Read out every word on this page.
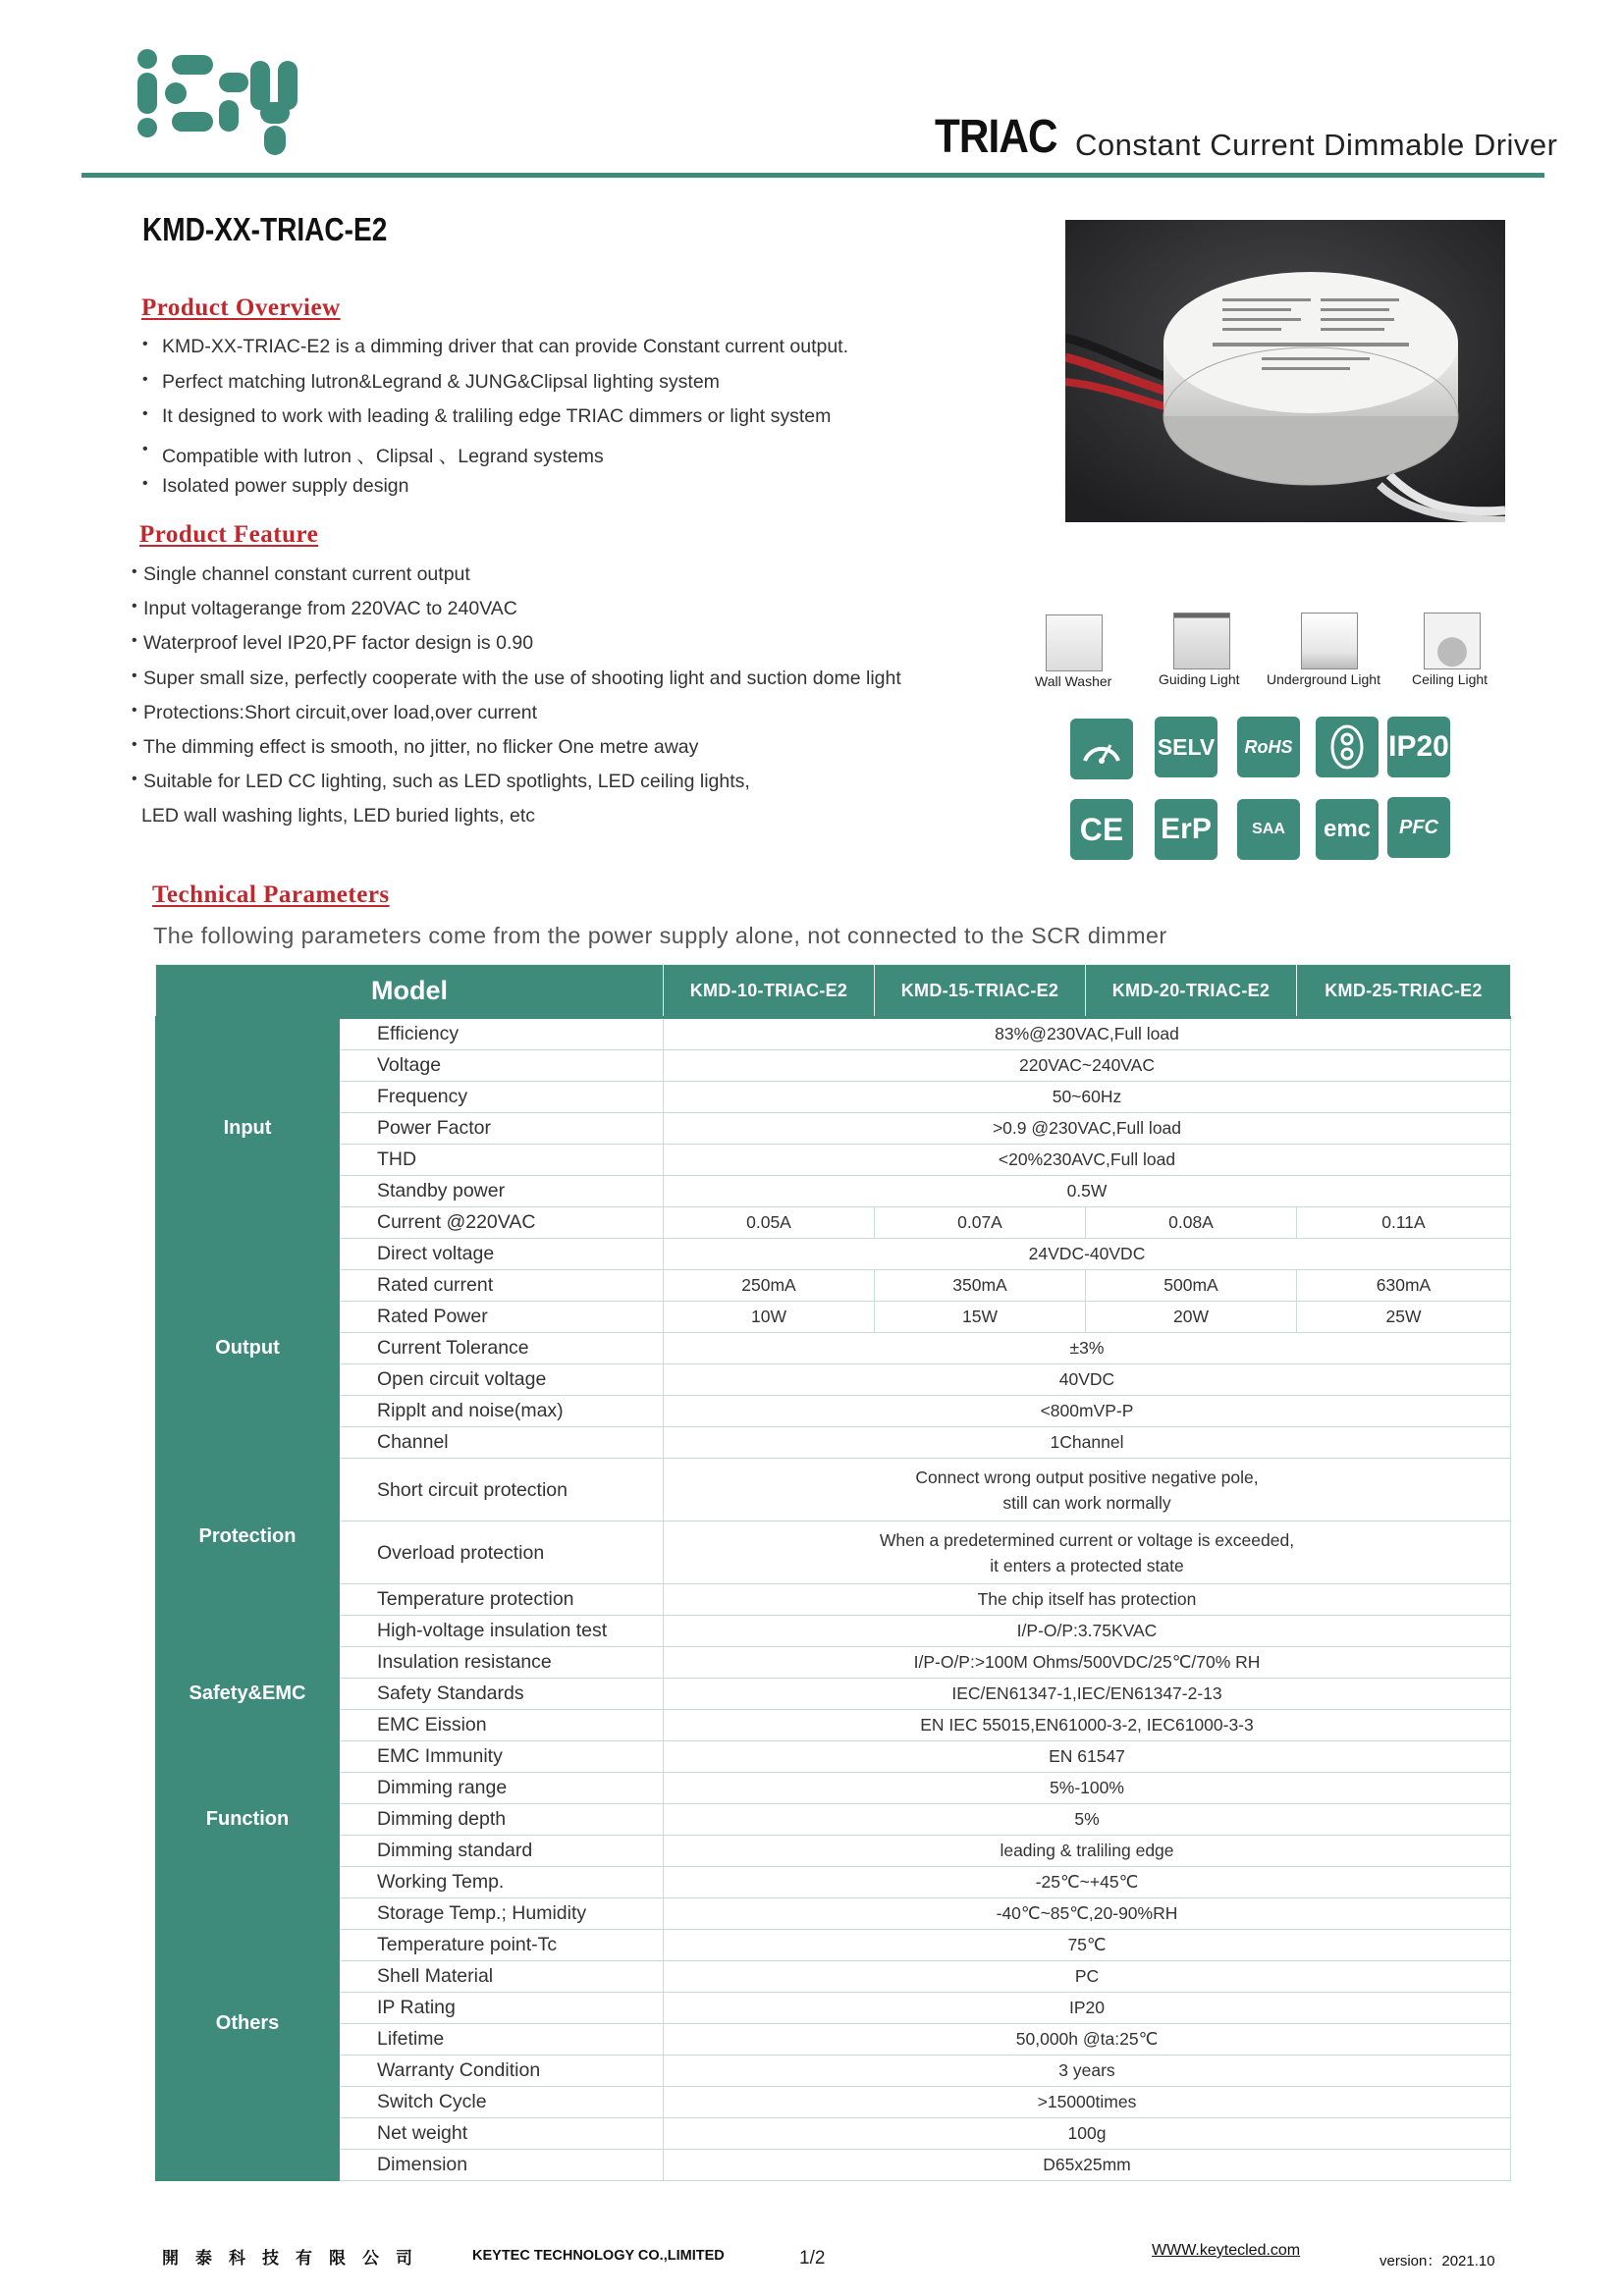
TRIAC Constant Current Dimmable Driver
KMD-XX-TRIAC-E2
Product Overview
• KMD-XX-TRIAC-E2 is a dimming driver that can provide Constant current output.
• Perfect matching lutron&Legrand & JUNG&Clipsal lighting system
• It designed to work with leading & traliling edge TRIAC dimmers or light system
• Compatible with lutron 、Clipsal 、Legrand systems
• Isolated power supply design
Product Feature
• Single channel constant current output
• Input voltagerange from 220VAC to 240VAC
• Waterproof level IP20,PF factor design is 0.90
• Super small size, perfectly cooperate with the use of shooting light and suction dome light
• Protections:Short circuit,over load,over current
• The dimming effect is smooth, no jitter, no flicker One metre away
• Suitable for LED CC lighting, such as LED spotlights, LED ceiling lights,
LED wall washing lights, LED buried lights, etc
Wall Washer	Guiding Light Underground Light Ceiling Light
SELV	RoHS	IP20
CE	ErP	SAA	emc	PFC
Technical Parameters
The following parameters come from the power supply alone, not connected to the SCR dimmer
Model		KMD-10-TRIAC-E2	KMD-15-TRIAC-E2	KMD-20-TRIAC-E2	KMD-25-TRIAC-E2
Input	Efficiency	83%@230VAC,Full load			
	Voltage	220VAC~240VAC			
	Frequency	50~60Hz			
	Power Factor	>0.9 @230VAC,Full load			
	THD	<20%230AVC,Full load			
	Standby power	0.5W			
	Current @220VAC	0.05A	0.07A	0.08A	0.11A
Output	Direct voltage	24VDC-40VDC			
	Rated current	250mA	350mA	500mA	630mA
	Rated Power	10W	15W	20W	25W
	Current Tolerance	±3%			
	Open circuit voltage	40VDC			
	Ripplt and noise(max)	<800mVP-P			
	Channel	1Channel			
Protection	Short circuit protection	Connect wrong output positive negative pole,
still can work normally			

	Overload protection	When a predetermined current or voltage is exceeded,
it enters a protected state			

	Temperature protection	The chip itself has protection			
Safety&EMC	High-voltage insulation test	I/P-O/P:3.75KVAC			
	Insulation resistance	I/P-O/P:>100M Ohms/500VDC/25℃/70% RH			
	Safety Standards	IEC/EN61347-1,IEC/EN61347-2-13			
	EMC Eission	EN IEC 55015,EN61000-3-2, IEC61000-3-3			
	EMC Immunity	EN 61547			
Function	Dimming range	5%-100%			
	Dimming depth	5%			
	Dimming standard	leading & traliling edge			
Others	Working Temp.	-25℃~+45℃			
	Storage Temp.; Humidity	-40℃~85℃,20-90%RH			
	Temperature point-Tc	75℃			
	Shell Material	PC			
	IP Rating	IP20			
	Lifetime	50,000h @ta:25℃			
	Warranty Condition	3 years			
	Switch Cycle	>15000times			
	Net weight	100g			
	Dimension	D65x25mm			
開泰科技有限公司	KEYTEC TECHNOLOGY CO.,LIMITED	1/2	WWW.keytecled.com
version：2021.10
